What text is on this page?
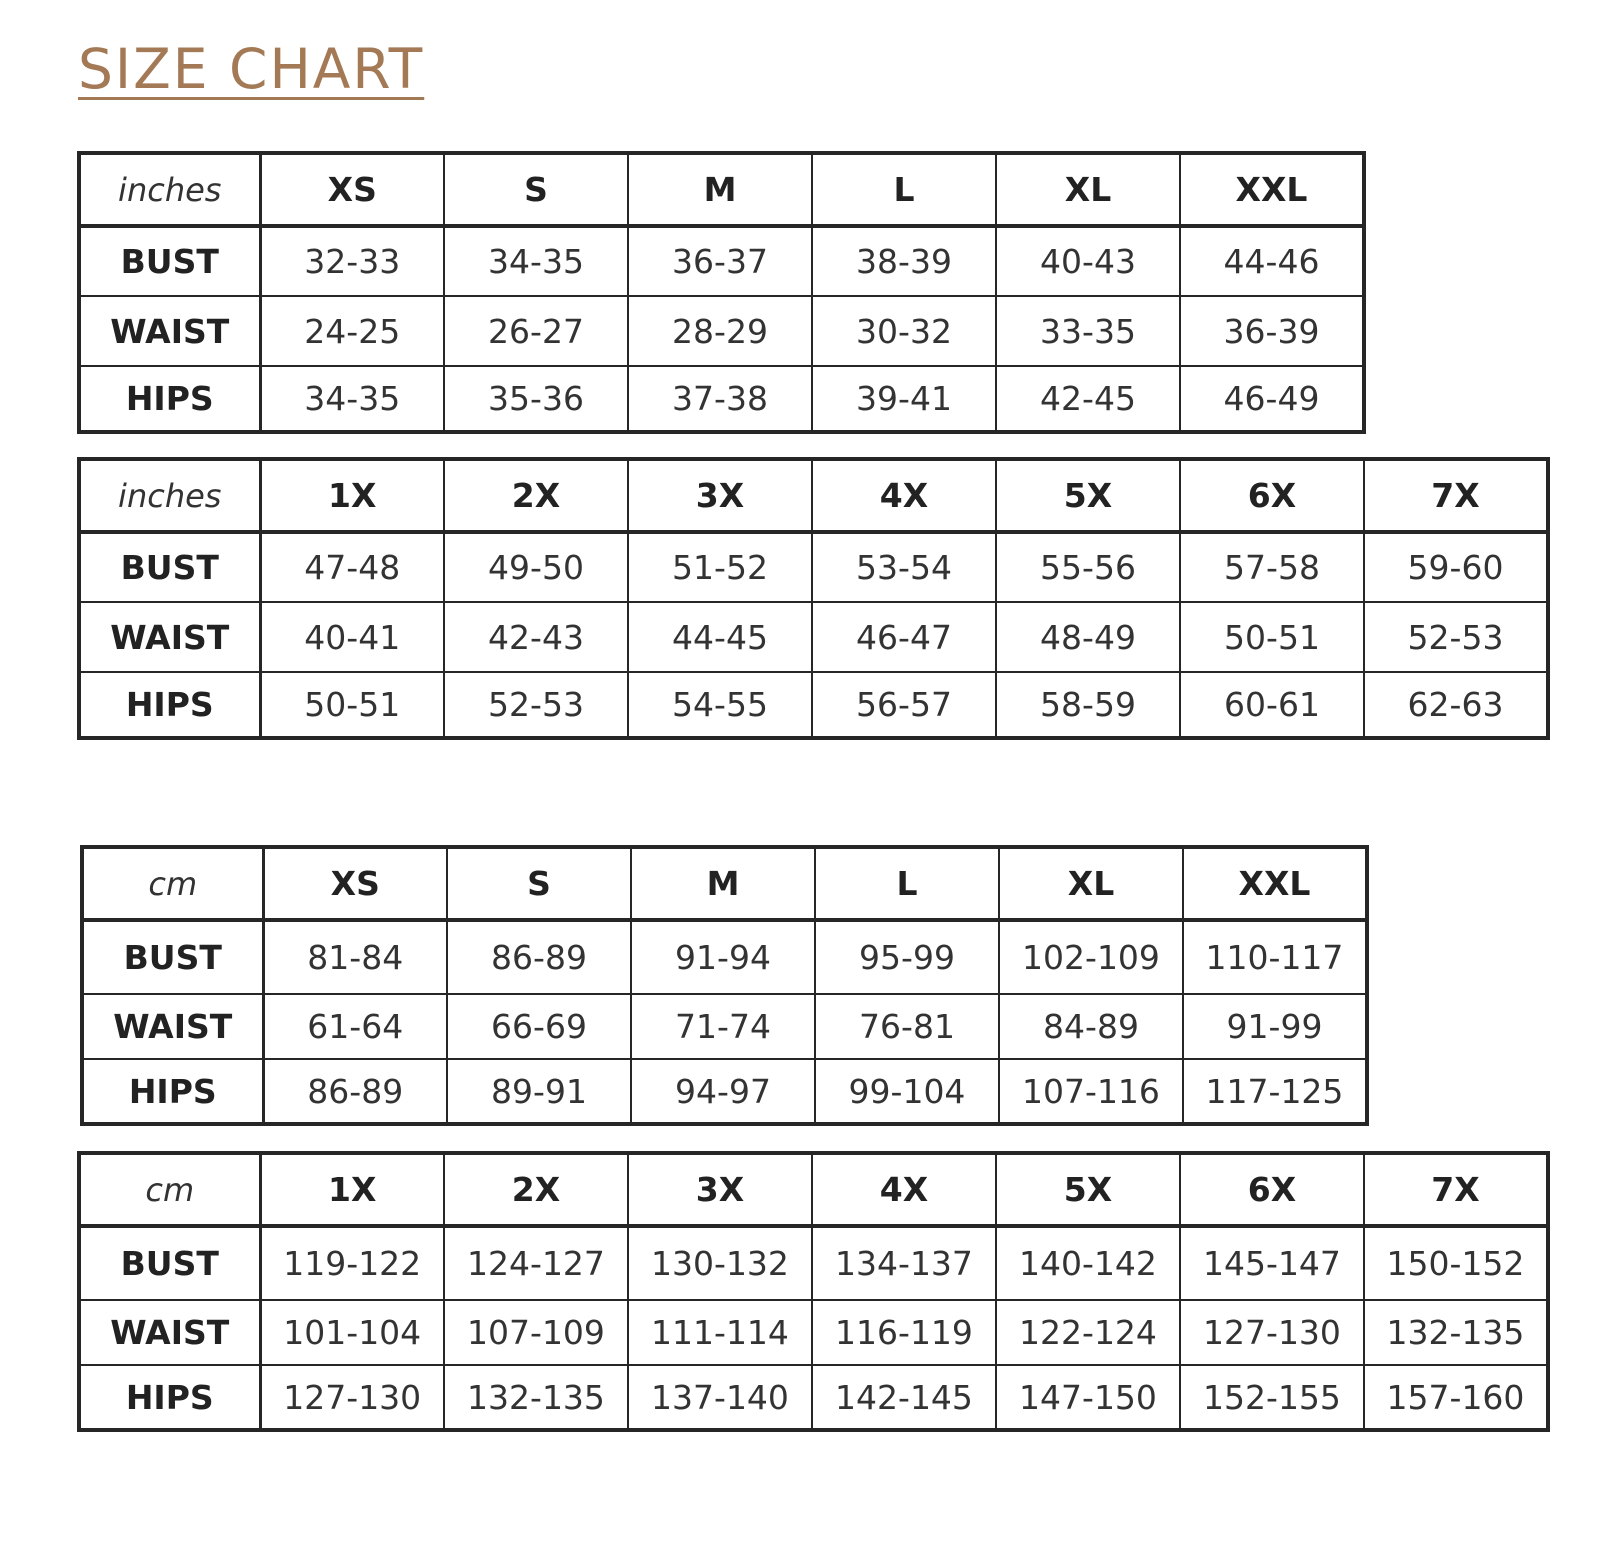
SIZE CHART
inches	XS	S	M	L	XL	XXL
BUST	32-33	34-35	36-37	38-39	40-43	44-46
WAIST	24-25	26-27	28-29	30-32	33-35	36-39
HIPS	34-35	35-36	37-38	39-41	42-45	46-49
inches	1X	2X	3X	4X	5X	6X	7X
BUST	47-48	49-50	51-52	53-54	55-56	57-58	59-60
WAIST	40-41	42-43	44-45	46-47	48-49	50-51	52-53
HIPS	50-51	52-53	54-55	56-57	58-59	60-61	62-63
cm	XS	S	M	L	XL	XXL
BUST	81-84	86-89	91-94	95-99	102-109	110-117
WAIST	61-64	66-69	71-74	76-81	84-89	91-99
HIPS	86-89	89-91	94-97	99-104	107-116	117-125
cm	1X	2X	3X	4X	5X	6X	7X
BUST	119-122	124-127	130-132	134-137	140-142	145-147	150-152
WAIST	101-104	107-109	111-114	116-119	122-124	127-130	132-135
HIPS	127-130	132-135	137-140	142-145	147-150	152-155	157-160
